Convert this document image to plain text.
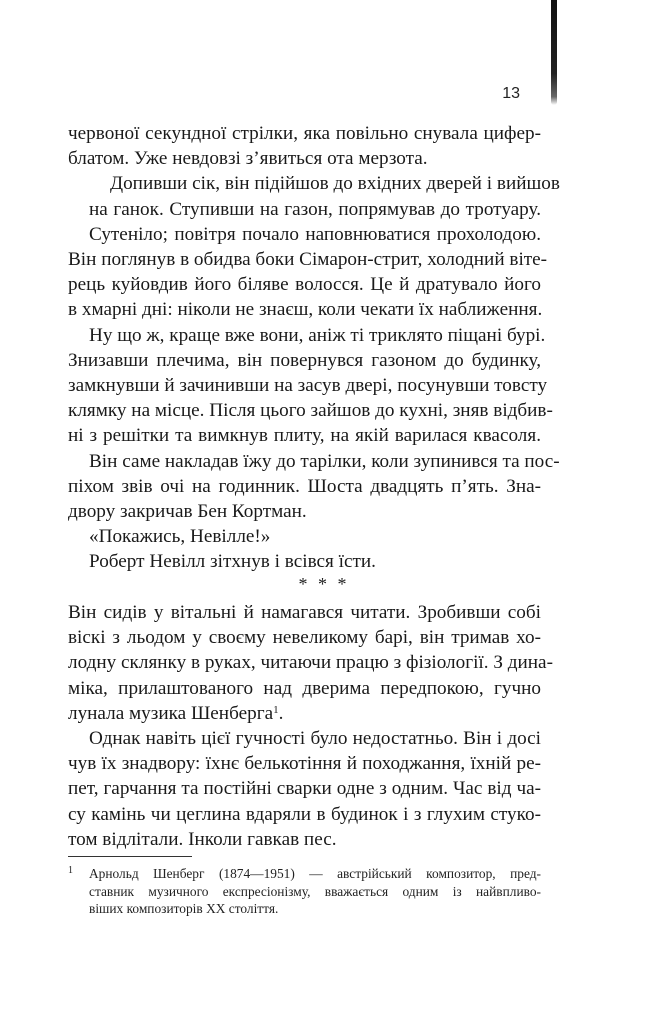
13

червоної секундної стрілки, яка повільно снувала цифер-
блатом. Уже невдовзі з’явиться ота мерзота.

Допивши сік, він підійшов до вхідних дверей і вийшов
на ганок. Ступивши на газон, попрямував до тротуару.

Сутеніло; повітря почало наповнюватися прохолодою.
Він поглянув в обидва боки Сімарон-стрит, холодний віте-
рець куйовдив його біляве волосся. Це й дратувало його
в хмарні дні: ніколи не знаєш, коли чекати їх наближення.

Ну що ж, краще вже вони, аніж ті триклято піщані бурі.
Знизавши плечима, він повернувся газоном до будинку,
замкнувши й зачинивши на засув двері, посунувши товсту
клямку на місце. Після цього зайшов до кухні, зняв відбив-
ні з решітки та вимкнув плиту, на якій варилася квасоля.

Він саме накладав їжу до тарілки, коли зупинився та пос-
піхом звів очі на годинник. Шоста двадцять п’ять. Зна-
двору закричав Бен Кортман.

«Покажись, Невілле!»

Роберт Невілл зітхнув і всівся їсти.

* * *

Він сидів у вітальні й намагався читати. Зробивши собі
віскі з льодом у своєму невеликому барі, він тримав хо-
лодну склянку в руках, читаючи працю з фізіології. З дина-
міка, прилаштованого над дверима передпокою, гучно
лунала музика Шенберга$^1$.

Однак навіть цієї гучності було недостатньо. Він і досі
чув їх знадвору: їхнє белькотіння й походжання, їхній ре-
пет, гарчання та постійні сварки одне з одним. Час від ча-
су камінь чи цеглина вдаряли в будинок і з глухим стуко-
том відлітали. Інколи гавкав пес.

1 Арнольд Шенберг (1874—1951) — австрійський композитор, пред-
ставник музичного експресіонізму, вважається одним із найвпливо-
віших композиторів XX століття.
